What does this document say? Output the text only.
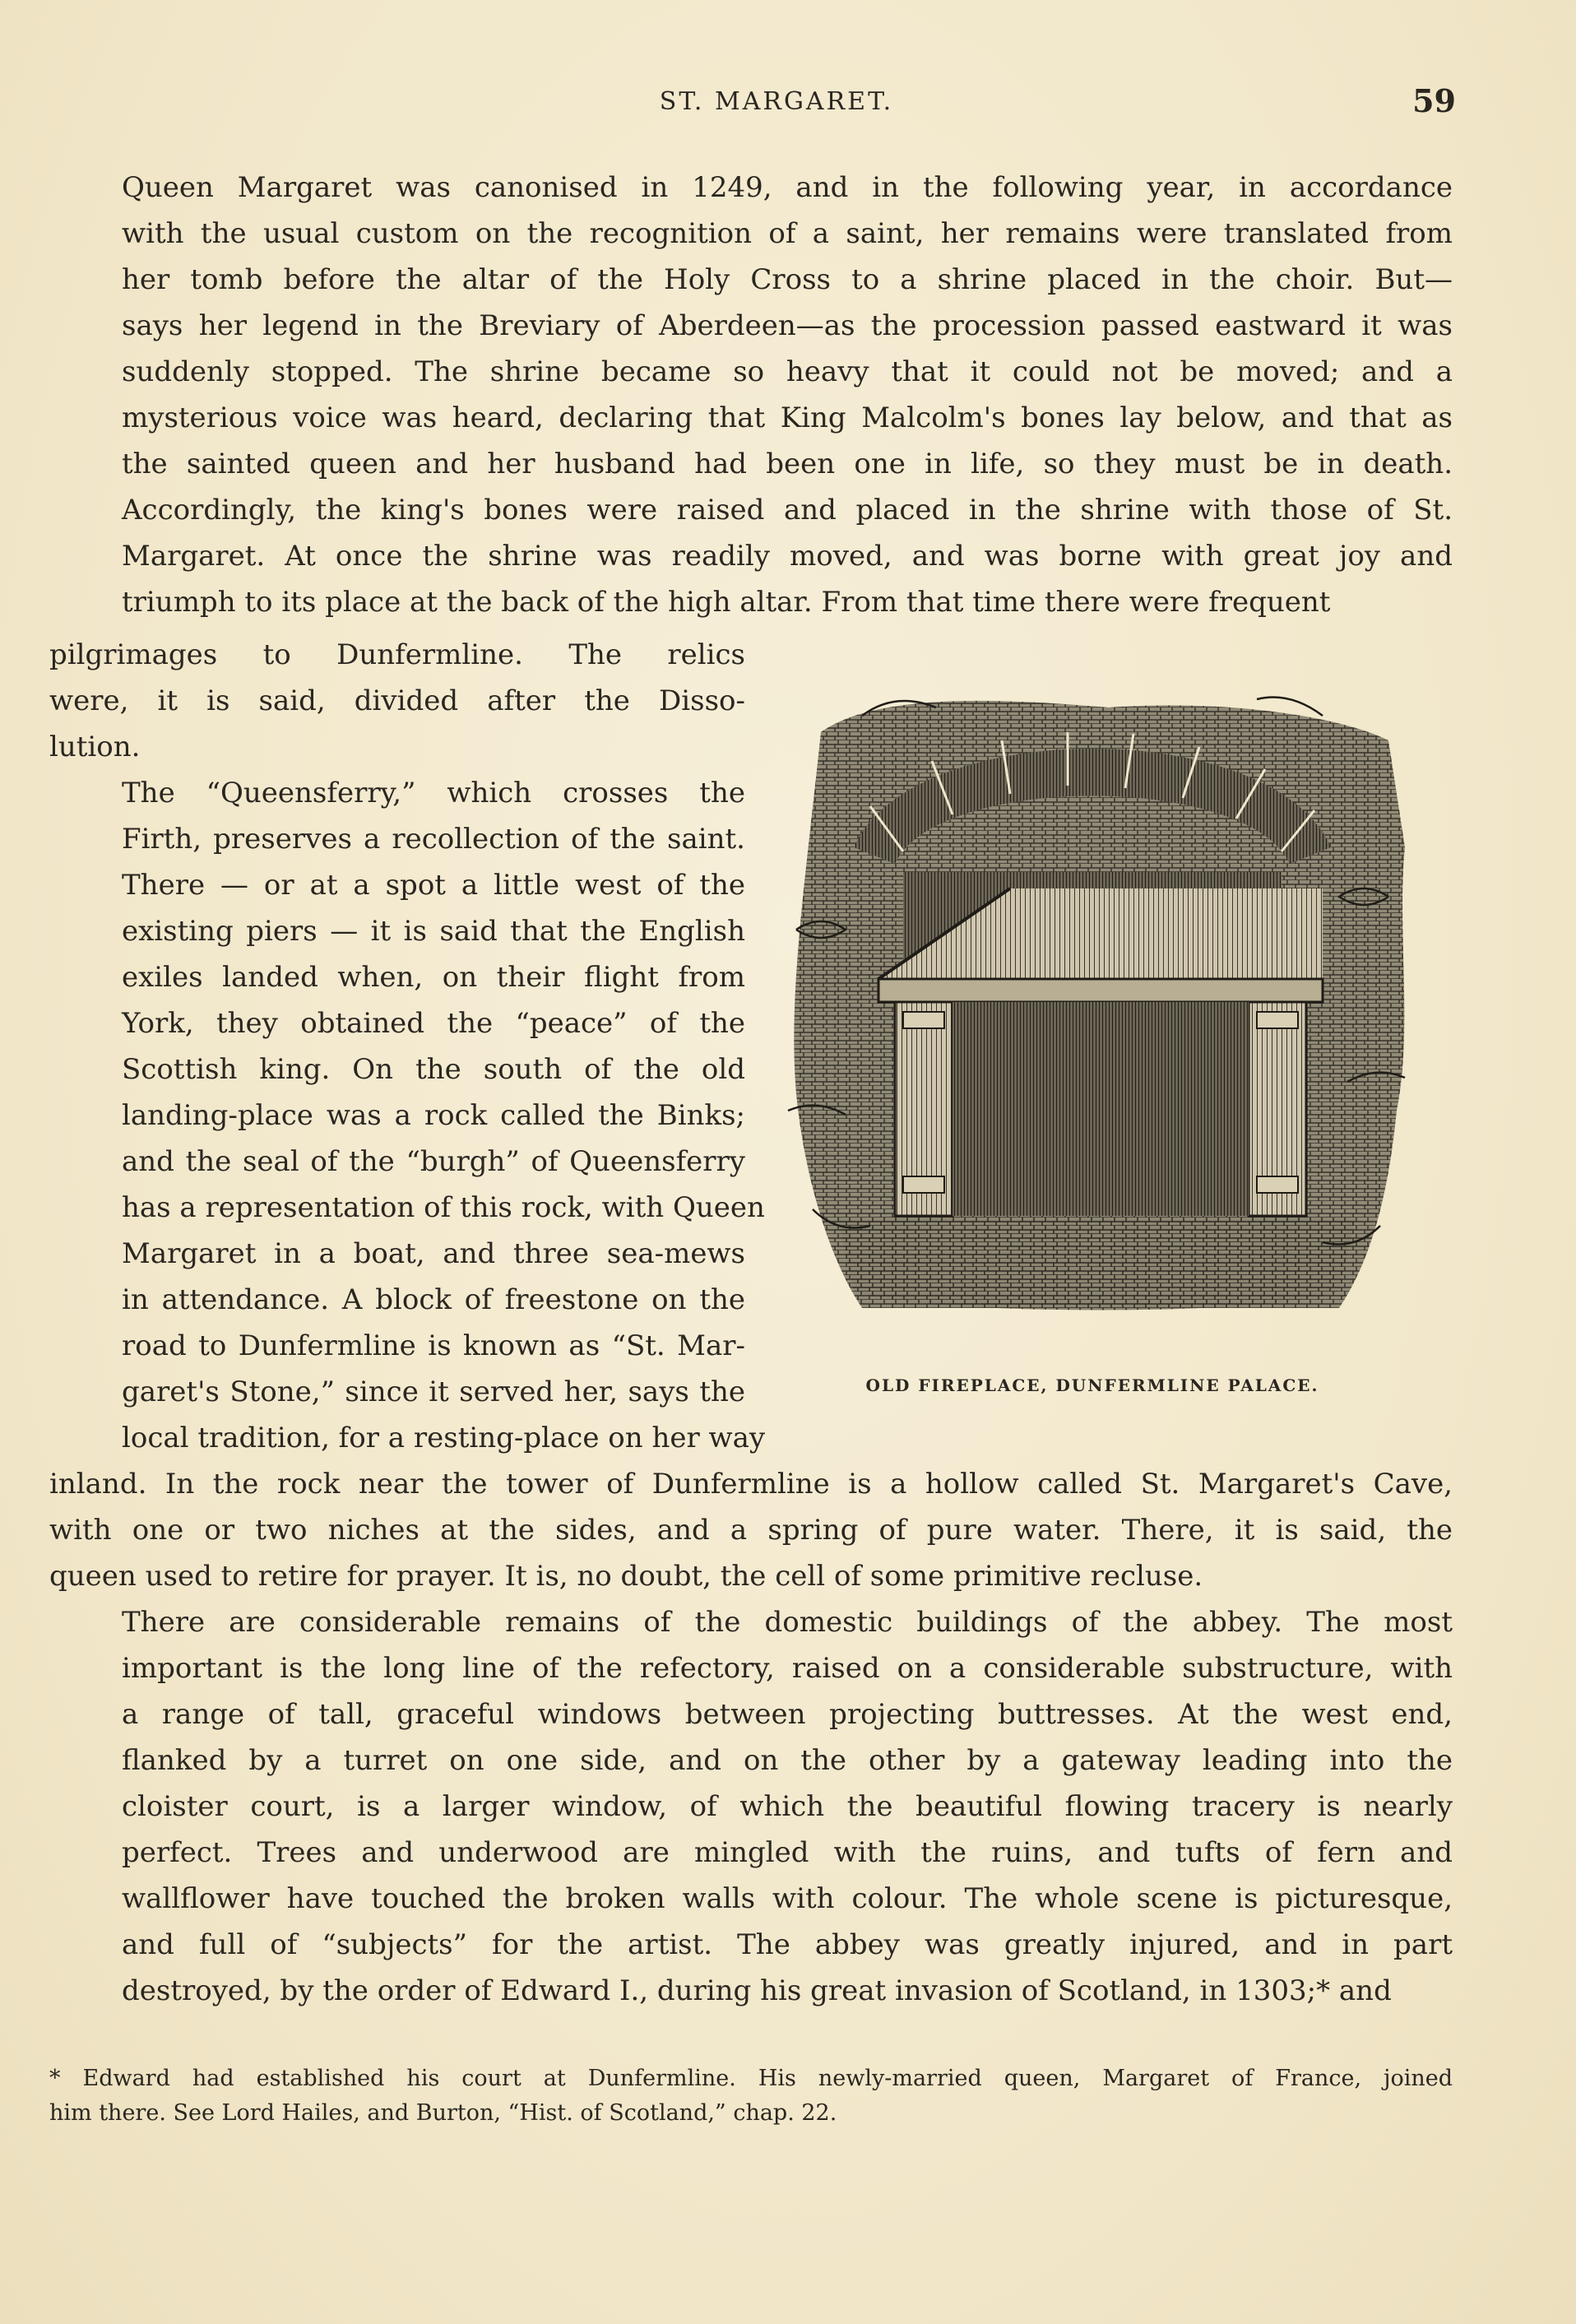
ST. MARGARET.	59
Queen Margaret was canonised in 1249, and in the following year, in accordance
with the usual custom on the recognition of a saint, her remains were translated from
her tomb before the altar of the Holy Cross to a shrine placed in the choir. But—
says her legend in the Breviary of Aberdeen—as the procession passed eastward it was
suddenly stopped. The shrine became so heavy that it could not be moved; and a
mysterious voice was heard, declaring that King Malcolm's bones lay below, and that as
the sainted queen and her husband had been one in life, so they must be in death.
Accordingly, the king's bones were raised and placed in the shrine with those of St.
Margaret. At once the shrine was readily moved, and was borne with great joy and
triumph to its place at the back of the high altar. From that time there were frequent
pilgrimages to Dunfermline. The relics
were, it is said, divided after the Disso-
lution.
The “Queensferry,” which crosses the
Firth, preserves a recollection of the saint.
There — or at a spot a little west of the
existing piers — it is said that the English
exiles landed when, on their flight from
York, they obtained the “peace” of the
Scottish king. On the south of the old
landing-place was a rock called the Binks;
and the seal of the “burgh” of Queensferry
has a representation of this rock, with Queen
Margaret in a boat, and three sea-mews
in attendance. A block of freestone on the
road to Dunfermline is known as “St. Mar-
garet's Stone,” since it served her, says the
local tradition, for a resting-place on her way
OLD FIREPLACE, DUNFERMLINE PALACE.
inland. In the rock near the tower of Dunfermline is a hollow called St. Margaret's Cave,
with one or two niches at the sides, and a spring of pure water. There, it is said, the
queen used to retire for prayer. It is, no doubt, the cell of some primitive recluse.
There are considerable remains of the domestic buildings of the abbey. The most
important is the long line of the refectory, raised on a considerable substructure, with
a range of tall, graceful windows between projecting buttresses. At the west end,
flanked by a turret on one side, and on the other by a gateway leading into the
cloister court, is a larger window, of which the beautiful flowing tracery is nearly
perfect. Trees and underwood are mingled with the ruins, and tufts of fern and
wallflower have touched the broken walls with colour. The whole scene is picturesque,
and full of “subjects” for the artist. The abbey was greatly injured, and in part
destroyed, by the order of Edward I., during his great invasion of Scotland, in 1303;* and
* Edward had established his court at Dunfermline. His newly-married queen, Margaret of France, joined
him there. See Lord Hailes, and Burton, “Hist. of Scotland,” chap. 22.
